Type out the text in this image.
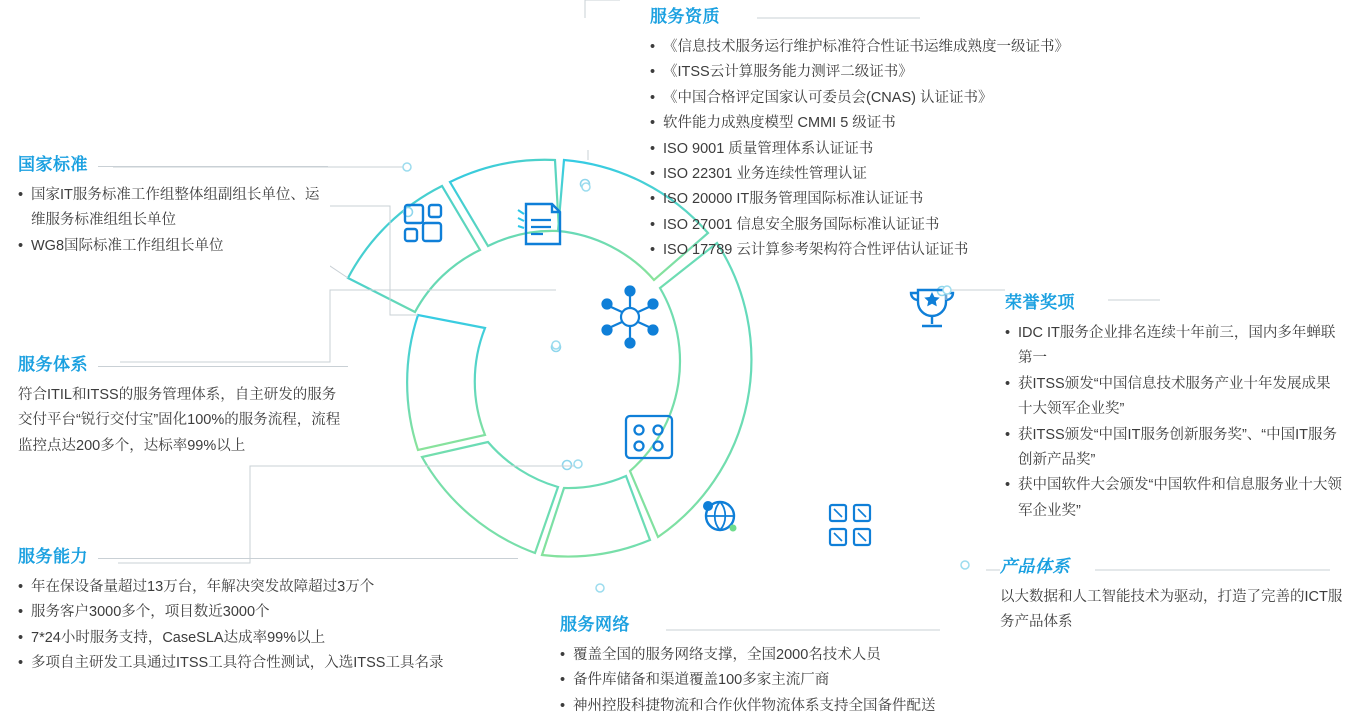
国家标准
• 国家IT服务标准工作组整体组副组长单位、运维服务标准组组长单位
• WG8国际标准工作组组长单位
服务体系

符合ITIL和ITSS的服务管理体系，自主研发的服务交付平台“锐行交付宝”固化100%的服务流程，流程监控点达200多个，达标率99%以上

服务能力
• 年在保设备量超过13万台，年解决突发故障超过3万个
• 服务客户3000多个，项目数近3000个
• 7*24小时服务支持，CaseSLA达成率99%以上
• 多项自主研发工具通过ITSS工具符合性测试，入选ITSS工具名录
服务资质
• 《信息技术服务运行维护标准符合性证书运维成熟度一级证书》
• 《ITSS云计算服务能力测评二级证书》
• 《中国合格评定国家认可委员会(CNAS) 认证证书》
• 软件能力成熟度模型 CMMI 5 级证书
• ISO 9001 质量管理体系认证证书
• ISO 22301 业务连续性管理认证
• ISO 20000 IT服务管理国际标准认证证书
• ISO 27001 信息安全服务国际标准认证证书
• ISO 17789 云计算参考架构符合性评估认证证书
荣誉奖项
• IDC IT服务企业排名连续十年前三，国内多年蝉联第一
• 获ITSS颁发“中国信息技术服务产业十年发展成果十大领军企业奖”
• 获ITSS颁发“中国IT服务创新服务奖”、“中国IT服务创新产品奖”
• 获中国软件大会颁发“中国软件和信息服务业十大领军企业奖”
产品体系

以大数据和人工智能技术为驱动，打造了完善的ICT服务产品体系

服务网络
• 覆盖全国的服务网络支撑，全国2000名技术人员
• 备件库储备和渠道覆盖100多家主流厂商
• 神州控股科捷物流和合作伙伴物流体系支持全国备件配送
